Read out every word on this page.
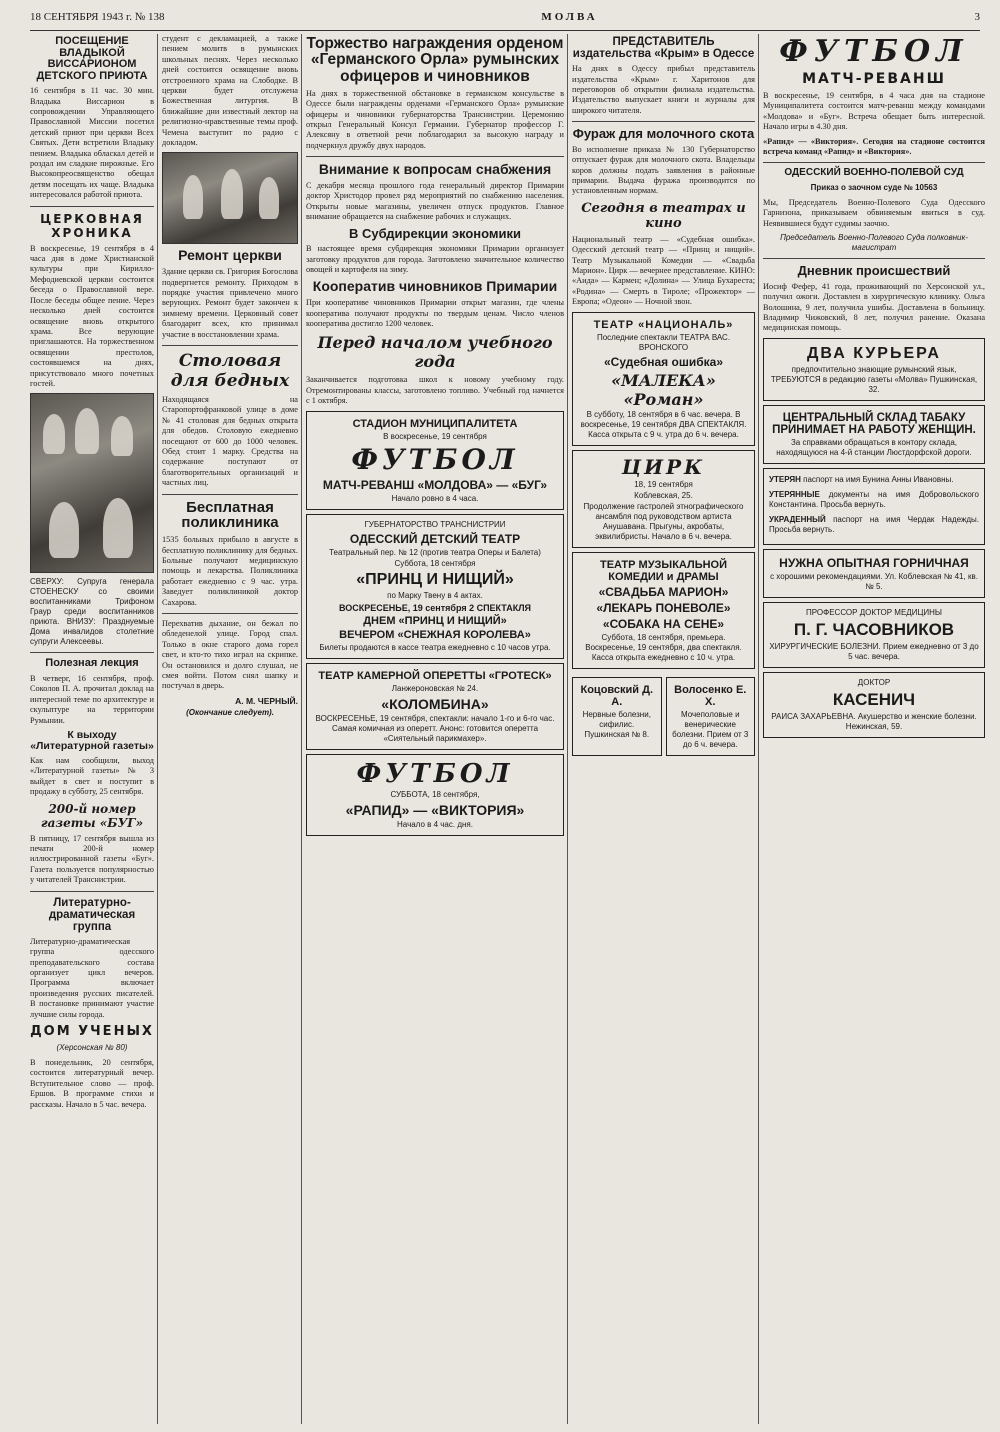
18 СЕНТЯБРЯ 1943 г. № 138	МОЛВА	3
ПОСЕЩЕНИЕ ВЛАДЫКОЙ ВИССАРИОНОМ ДЕТСКОГО ПРИЮТА

16 сентября в 11 час. 30 мин. Владыка Виссарион в сопровождении Управляющего Православной Миссии посетил детский приют при церкви Всех Святых. Дети встретили Владыку пением. Владыка обласкал детей и роздал им сладкие пирожные. Его Высокопреосвященство обещал детям посещать их чаще. Владыка интересовался работой приюта.

ЦЕРКОВНАЯ ХРОНИКА

В воскресенье, 19 сентября в 4 часа дня в доме Христианской культуры при Кирилло-Мефодиевской церкви состоится беседа о Православной вере. После беседы общее пение. Через несколько дней состоится освящение вновь открытого храма. Все верующие приглашаются. На торжественном освящении престолов, состоявшемся на днях, присутствовало много почетных гостей.

СВЕРХУ: Супруга генерала СТОЕНЕСКУ со своими воспитанниками Трифоном Граур среди воспитанников приюта. ВНИЗУ: Празднуемые Дома инвалидов столетние супруги Алексеевы.

Полезная лекция

В четверг, 16 сентября, проф. Соколов П. А. прочитал доклад на интересной теме по архитектуре и скульптуре на территории Румынии.

К выходу «Литературной газеты»

Как нам сообщили, выход «Литературной газеты» № 3 выйдет в свет и поступит в продажу в субботу, 25 сентября.

200-й номер газеты «БУГ»

В пятницу, 17 сентября вышла из печати 200-й номер иллюстрированной газеты «Буг». Газета пользуется популярностью у читателей Транснистрии.

Литературно-драматическая группа

Литературно-драматическая группа одесского преподавательского состава организует цикл вечеров. Программа включает произведения русских писателей. В постановке принимают участие лучшие силы города.

ДОМ УЧЕНЫХ
(Херсонская № 80)

В понедельник, 20 сентября, состоится литературный вечер. Вступительное слово — проф. Ершов. В программе стихи и рассказы. Начало в 5 час. вечера.

студент с декламацией, а также пением молитв в румынских школьных песнях. Через несколько дней состоится освящение вновь отстроенного храма на Слободке. В церкви будет отслужена Божественная литургия. В ближайшие дни известный лектор на религиозно-нравственные темы проф. Чемена выступит по радио с докладом.

Ремонт церкви

Здание церкви св. Григория Богослова подвергнется ремонту. Приходом в порядке участия привлечено много верующих. Ремонт будет закончен к зимнему времени. Церковный совет благодарит всех, кто принимал участие в восстановлении храма.

Столовая для бедных

Находящаяся на Старопортофранковой улице в доме № 41 столовая для бедных открыта для обедов. Столовую ежедневно посещают от 600 до 1000 человек. Обед стоит 1 марку. Средства на содержание поступают от благотворительных организаций и частных лиц.

Бесплатная поликлиника

1535 больных прибыло в августе в бесплатную поликлинику для бедных. Больные получают медицинскую помощь и лекарства. Поликлиника работает ежедневно с 9 час. утра. Заведует поликлиникой доктор Сахарова.

Перехватив дыхание, он бежал по обледенелой улице. Город спал. Только в окне старого дома горел свет, и кто-то тихо играл на скрипке. Он остановился и долго слушал, не смея войти. Потом снял шапку и постучал в дверь.

А. М. ЧЕРНЫЙ.
(Окончание следует).
Торжество награждения орденом «Германского Орла» румынских офицеров и чиновников

На днях в торжественной обстановке в германском консульстве в Одессе были награждены орденами «Германского Орла» румынские офицеры и чиновники губернаторства Транснистрии. Церемонию открыл Генеральный Консул Германии. Губернатор профессор Г. Алексяну в ответной речи поблагодарил за высокую награду и подчеркнул дружбу двух народов.

Внимание к вопросам снабжения

С декабря месяца прошлого года генеральный директор Примарии доктор Христодор провел ряд мероприятий по снабжению населения. Открыты новые магазины, увеличен отпуск продуктов. Главное внимание обращается на снабжение рабочих и служащих.

В Субдирекции экономики

В настоящее время субдирекция экономики Примарии организует заготовку продуктов для города. Заготовлено значительное количество овощей и картофеля на зиму.

Кооператив чиновников Примарии

При кооперативе чиновников Примарии открыт магазин, где члены кооператива получают продукты по твердым ценам. Число членов кооператива достигло 1200 человек.

Перед началом учебного года

Заканчивается подготовка школ к новому учебному году. Отремонтированы классы, заготовлено топливо. Учебный год начнется с 1 октября.

СТАДИОН МУНИЦИПАЛИТЕТА
В воскресенье, 19 сентября
ФУТБОЛ
МАТЧ-РЕВАНШ «МОЛДОВА» — «БУГ»
Начало ровно в 4 часа.
ГУБЕРНАТОРСТВО ТРАНСНИСТРИИ
ОДЕССКИЙ ДЕТСКИЙ ТЕАТР
Театральный пер. № 12 (против театра Оперы и Балета)
Суббота, 18 сентября
«ПРИНЦ И НИЩИЙ»
по Марку Твену в 4 актах.
ВОСКРЕСЕНЬЕ, 19 сентября 2 СПЕКТАКЛЯ
ДНЕМ «ПРИНЦ И НИЩИЙ»
ВЕЧЕРОМ «СНЕЖНАЯ КОРОЛЕВА»
Билеты продаются в кассе театра ежедневно с 10 часов утра.
ТЕАТР КАМЕРНОЙ ОПЕРЕТТЫ «ГРОТЕСК»
Ланжероновская № 24.
«КОЛОМБИНА»
ВОСКРЕСЕНЬЕ, 19 сентября, спектакли: начало 1-го и 6-го час. Самая комичная из оперетт. Анонс: готовится оперетта «Сиятельный парикмахер».
ФУТБОЛ
СУББОТА, 18 сентября,
«РАПИД» — «ВИКТОРИЯ»
Начало в 4 час. дня.
ПРЕДСТАВИТЕЛЬ издательства «Крым» в Одессе

На днях в Одессу прибыл представитель издательства «Крым» г. Харитонов для переговоров об открытии филиала издательства. Издательство выпускает книги и журналы для широкого читателя.

Фураж для молочного скота

Во исполнение приказа № 130 Губернаторство отпускает фураж для молочного скота. Владельцы коров должны подать заявления в районные примарии. Выдача фуража производится по установленным нормам.

Сегодня в театрах и кино

Национальный театр — «Судебная ошибка». Одесский детский театр — «Принц и нищий». Театр Музыкальной Комедии — «Свадьба Марион». Цирк — вечернее представление. КИНО: «Аида» — Кармен; «Долина» — Улица Бухареста; «Родина» — Смерть в Тироле; «Прожектор» — Европа; «Одеон» — Ночной звон.

ТЕАТР «НАЦИОНАЛЬ»
Последние спектакли ТЕАТРА ВАС. ВРОНСКОГО
«Судебная ошибка»
«МАЛЕКА»
«Роман»
В субботу, 18 сентября в 6 час. вечера. В воскресенье, 19 сентября ДВА СПЕКТАКЛЯ. Касса открыта с 9 ч. утра до 6 ч. вечера.
ЦИРК
18, 19 сентября
Коблевская, 25.
Продолжение гастролей этнографического ансамбля под руководством артиста Анушавана. Прыгуны, акробаты, эквилибристы. Начало в 6 ч. вечера.
ТЕАТР МУЗЫКАЛЬНОЙ КОМЕДИИ и ДРАМЫ
«СВАДЬБА МАРИОН»
«ЛЕКАРЬ ПОНЕВОЛЕ»
«СОБАКА НА СЕНЕ»
Суббота, 18 сентября, премьера. Воскресенье, 19 сентября, два спектакля. Касса открыта ежедневно с 10 ч. утра.
Коцовский Д. А.
Нервные болезни, сифилис. Пушкинская № 8.
Волосенко Е. Х.
Мочеполовые и венерические болезни. Прием от 3 до 6 ч. вечера.
ФУТБОЛ
МАТЧ-РЕВАНШ

В воскресенье, 19 сентября, в 4 часа дня на стадионе Муниципалитета состоится матч-реванш между командами «Молдова» и «Буг». Встреча обещает быть интересной. Начало игры в 4.30 дня.

«Рапид» — «Виктория». Сегодня на стадионе состоится встреча команд «Рапид» и «Виктория».

ОДЕССКИЙ ВОЕННО-ПОЛЕВОЙ СУД
Приказ о заочном суде № 10563

Мы, Председатель Военно-Полевого Суда Одесского Гарнизона, приказываем обвиняемым явиться в суд. Неявившиеся будут судимы заочно.

Председатель Военно-Полевого Суда полковник-магистрат
Дневник происшествий

Иосиф Фефер, 41 года, проживающий по Херсонской ул., получил ожоги. Доставлен в хирургическую клинику. Ольга Волошина, 9 лет, получила ушибы. Доставлена в больницу. Владимир Чижовский, 8 лет, получил ранение. Оказана медицинская помощь.

ДВА КУРЬЕРА
предпочтительно знающие румынский язык, ТРЕБУЮТСЯ в редакцию газеты «Молва» Пушкинская, 32.
ЦЕНТРАЛЬНЫЙ СКЛАД ТАБАКУ ПРИНИМАЕТ НА РАБОТУ ЖЕНЩИН.
За справками обращаться в контору склада, находящуюся на 4-й станции Люстдорфской дороги.
УТЕРЯН паспорт на имя Бунина Анны Ивановны.
УТЕРЯННЫЕ документы на имя Добровольского Константина. Просьба вернуть.
УКРАДЕННЫЙ паспорт на имя Чердак Надежды. Просьба вернуть.
НУЖНА ОПЫТНАЯ ГОРНИЧНАЯ
с хорошими рекомендациями. Ул. Коблевская № 41, кв. № 5.
ПРОФЕССОР ДОКТОР МЕДИЦИНЫ
П. Г. ЧАСОВНИКОВ
ХИРУРГИЧЕСКИЕ БОЛЕЗНИ. Прием ежедневно от 3 до 5 час. вечера.
ДОКТОР
КАСЕНИЧ
РАИСА ЗАХАРЬЕВНА. Акушерство и женские болезни. Нежинская, 59.
